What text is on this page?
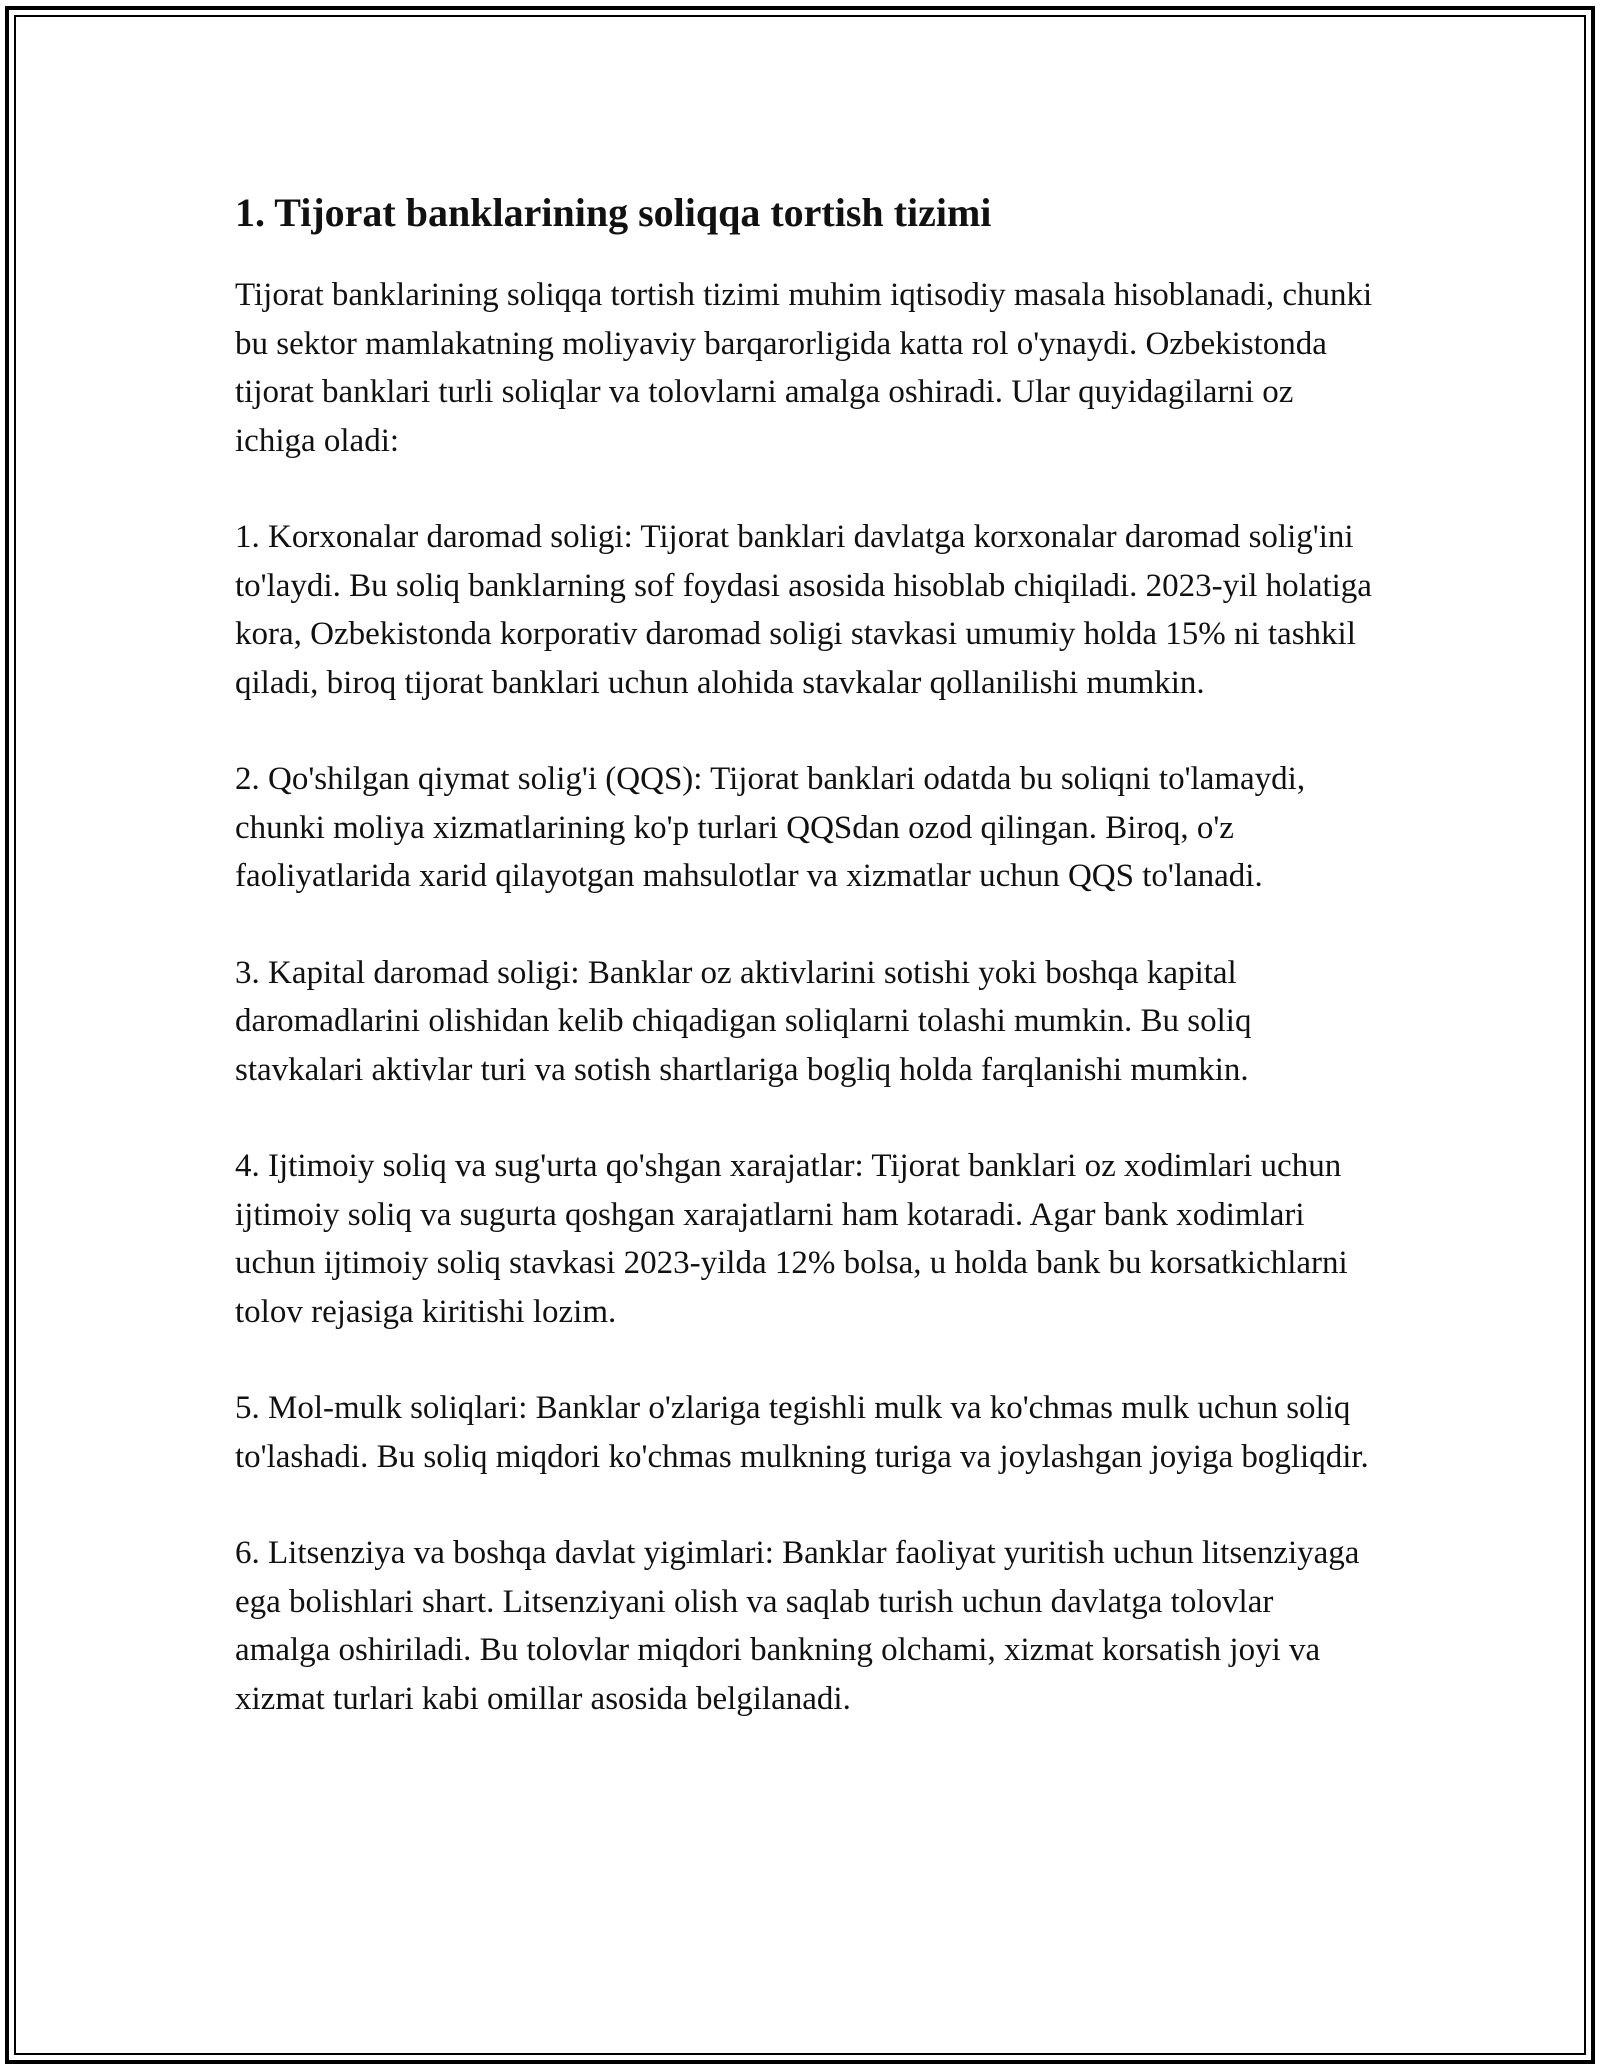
1. Tijorat banklarining soliqqa tortish tizimi

Tijorat banklarining soliqqa tortish tizimi muhim iqtisodiy masala hisoblanadi, chunki bu sektor mamlakatning moliyaviy barqarorligida katta rol o'ynaydi. Ozbekistonda tijorat banklari turli soliqlar va tolovlarni amalga oshiradi. Ular quyidagilarni oz ichiga oladi:

1. Korxonalar daromad soligi: Tijorat banklari davlatga korxonalar daromad solig'ini to'laydi. Bu soliq banklarning sof foydasi asosida hisoblab chiqiladi. 2023-yil holatiga kora, Ozbekistonda korporativ daromad soligi stavkasi umumiy holda 15% ni tashkil qiladi, biroq tijorat banklari uchun alohida stavkalar qollanilishi mumkin.

2. Qo'shilgan qiymat solig'i (QQS): Tijorat banklari odatda bu soliqni to'lamaydi, chunki moliya xizmatlarining ko'p turlari QQSdan ozod qilingan. Biroq, o'z faoliyatlarida xarid qilayotgan mahsulotlar va xizmatlar uchun QQS to'lanadi.

3. Kapital daromad soligi: Banklar oz aktivlarini sotishi yoki boshqa kapital daromadlarini olishidan kelib chiqadigan soliqlarni tolashi mumkin. Bu soliq stavkalari aktivlar turi va sotish shartlariga bogliq holda farqlanishi mumkin.

4. Ijtimoiy soliq va sug'urta qo'shgan xarajatlar: Tijorat banklari oz xodimlari uchun ijtimoiy soliq va sugurta qoshgan xarajatlarni ham kotaradi. Agar bank xodimlari uchun ijtimoiy soliq stavkasi 2023-yilda 12% bolsa, u holda bank bu korsatkichlarni tolov rejasiga kiritishi lozim.

5. Mol-mulk soliqlari: Banklar o'zlariga tegishli mulk va ko'chmas mulk uchun soliq to'lashadi. Bu soliq miqdori ko'chmas mulkning turiga va joylashgan joyiga bogliqdir.

6. Litsenziya va boshqa davlat yigimlari: Banklar faoliyat yuritish uchun litsenziyaga ega bolishlari shart. Litsenziyani olish va saqlab turish uchun davlatga tolovlar amalga oshiriladi. Bu tolovlar miqdori bankning olchami, xizmat korsatish joyi va xizmat turlari kabi omillar asosida belgilanadi.
